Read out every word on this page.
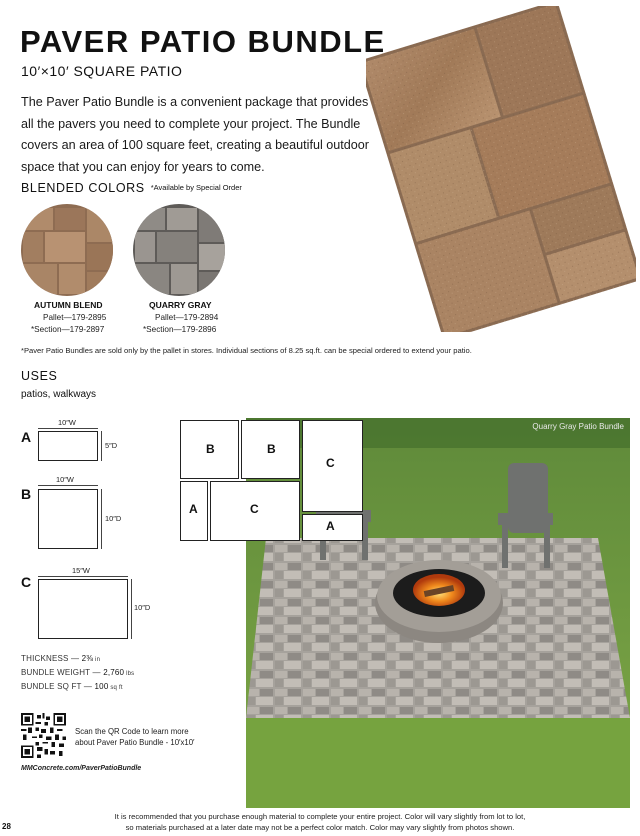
PAVER PATIO BUNDLE
10′×10′ SQUARE PATIO
The Paver Patio Bundle is a convenient package that provides all the pavers you need to complete your project. The Bundle covers an area of 100 square feet, creating a beautiful outdoor space that you can enjoy for years to come.
BLENDED COLORS *Available by Special Order
AUTUMN BLEND
Pallet—179-2895
*Section—179-2897
QUARRY GRAY
Pallet—179-2894
*Section—179-2896
*Paver Patio Bundles are sold only by the pallet in stores. Individual sections of 8.25 sq.ft. can be special ordered to extend your patio.
USES
patios, walkways
10″W
A
5″D
10″W
B
10″D
15″W
C
10″D
THICKNESS — 2⅜ in
BUNDLE WEIGHT — 2,760 lbs
BUNDLE SQ FT — 100 sq ft
Scan the QR Code to learn more
about Paver Patio Bundle - 10′x10′
MMConcrete.com/PaverPatioBundle
Quarry Gray Patio Bundle
B	B
C
A	C
A
It is recommended that you purchase enough material to complete your entire project. Color will vary slightly from lot to lot,
so materials purchased at a later date may not be a perfect color match. Color may vary slightly from photos shown.
28
